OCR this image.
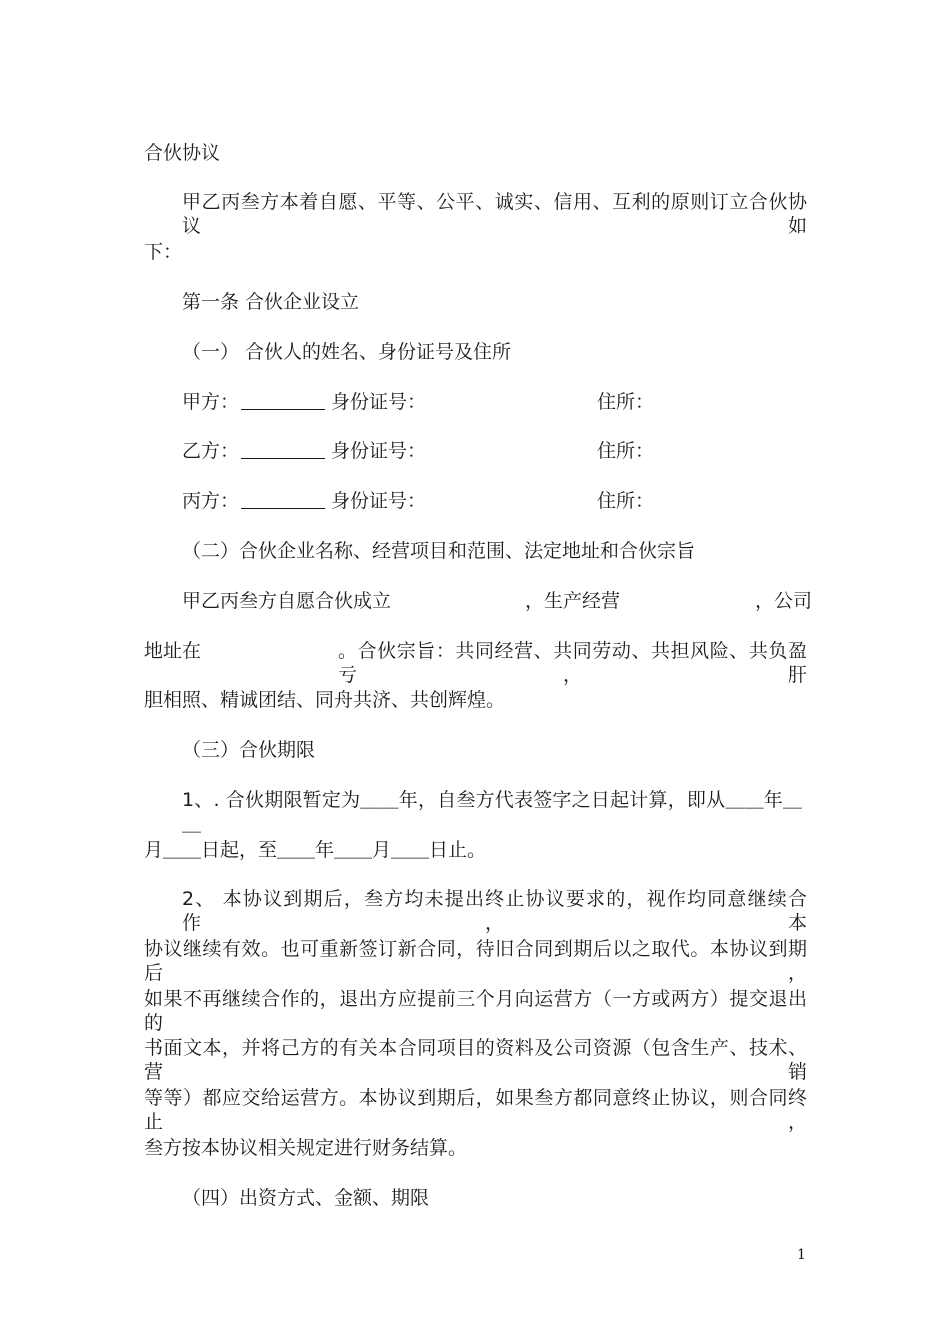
合伙协议
甲乙丙叁方本着自愿、平等、公平、诚实、信用、互利的原则订立合伙协议如
下：
第一条 合伙企业设立
（一） 合伙人的姓名、身份证号及住所
甲方：	身份证号：	住所：
乙方：	身份证号：	住所：
丙方：	身份证号：	住所：
（二）合伙企业名称、经营项目和范围、法定地址和合伙宗旨
甲乙丙叁方自愿合伙成立	，生产经营	，公司
地址在	。合伙宗旨：共同经营、共同劳动、共担风险、共负盈亏，肝
胆相照、精诚团结、同舟共济、共创辉煌。
（三）合伙期限
1、. 合伙期限暂定为＿＿年，自叁方代表签字之日起计算，即从＿＿年＿＿
月＿＿日起，至＿＿年＿＿月＿＿日止。
2、 本协议到期后，叁方均未提出终止协议要求的，视作均同意继续合作，本
协议继续有效。也可重新签订新合同，待旧合同到期后以之取代。本协议到期后，
如果不再继续合作的，退出方应提前三个月向运营方（一方或两方）提交退出的
书面文本，并将己方的有关本合同项目的资料及公司资源（包含生产、技术、营销
等等）都应交给运营方。本协议到期后，如果叁方都同意终止协议，则合同终止，
叁方按本协议相关规定进行财务结算。
（四）出资方式、金额、期限
1
